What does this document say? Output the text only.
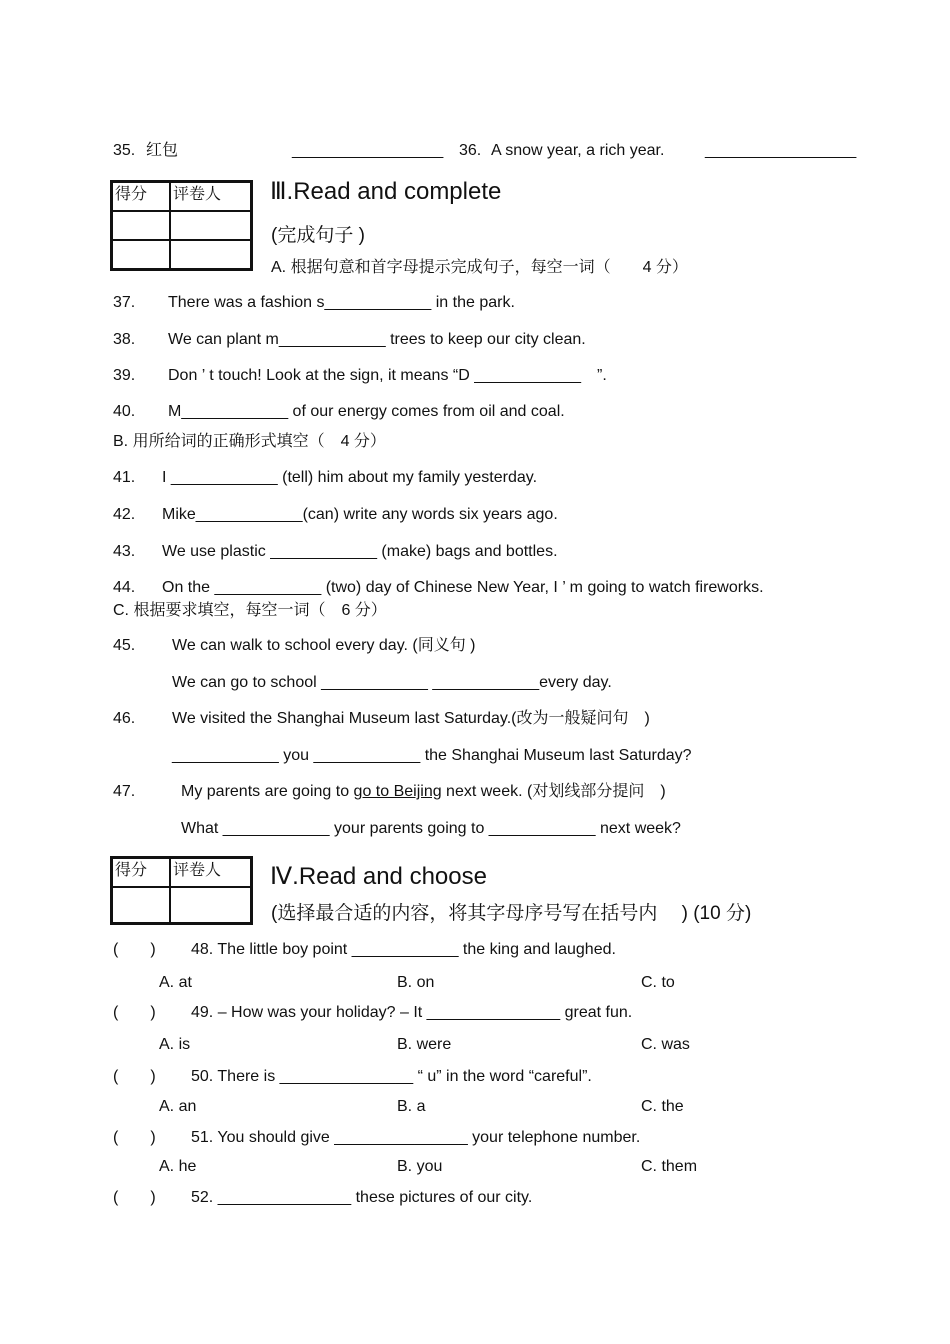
35. 红包	_________________ 36. A snow year, a rich year.	_________________
得分	评卷人	Ⅲ.Read and complete
(完成句子 )
A. 根据句意和首字母提示完成句子，每空一词（　　4 分）
37. There was a fashion s____________ in the park.
38. We can plant m____________ trees to keep our city clean.
39. Don ’ t touch! Look at the sign, it means “D ____________　”.
40. M____________ of our energy comes from oil and coal.
B. 用所给词的正确形式填空（　4 分）
41. I ____________ (tell) him about my family yesterday.
42. Mike____________(can) write any words six years ago.
43. We use plastic ____________ (make) bags and bottles.
44. On the ____________ (two) day of Chinese New Year, I ’ m going to watch fireworks.
C. 根据要求填空，每空一词（　6 分）
45. We can walk to school every day. (同义句 )
We can go to school ____________ ____________every day.
46. We visited the Shanghai Museum last Saturday.(改为一般疑问句　)
____________ you ____________ the Shanghai Museum last Saturday?
47.	My parents are going to go to Beijing next week. (对划线部分提问　)
What ____________ your parents going to ____________ next week?
得分	评卷人	Ⅳ.Read and choose
(选择最合适的内容，将其字母序号写在括号内　 ) (10 分)
(　　) 48. The little boy point ____________ the king and laughed.
A. at	B. on	C. to
(　　) 49. – How was your holiday? – It _______________ great fun.
A. is	B. were	C. was
(　　) 50. There is _______________ “ u” in the word “careful”.
A. an	B. a	C. the
(　　) 51. You should give _______________ your telephone number.
A. he	B. you	C. them
(　　) 52. _______________ these pictures of our city.
